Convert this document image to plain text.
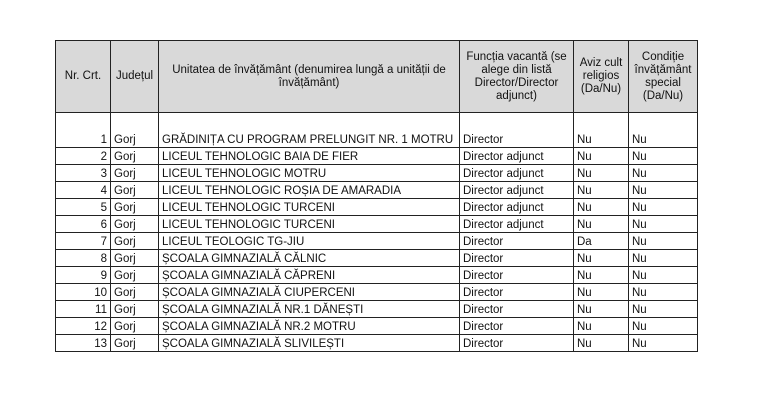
Nr. Crt.	Județul	Unitatea de învățământ (denumirea lungă a unității de învățământ)	Funcția vacantă (se alege din listă Director/Director adjunct)	Aviz cult religios (Da/Nu)	Condiție învățământ special (Da/Nu)
1	Gorj	GRĂDINIȚA CU PROGRAM PRELUNGIT NR. 1 MOTRU	Director	Nu	Nu
2	Gorj	LICEUL TEHNOLOGIC BAIA DE FIER	Director adjunct	Nu	Nu
3	Gorj	LICEUL TEHNOLOGIC MOTRU	Director adjunct	Nu	Nu
4	Gorj	LICEUL TEHNOLOGIC ROȘIA DE AMARADIA	Director adjunct	Nu	Nu
5	Gorj	LICEUL TEHNOLOGIC TURCENI	Director adjunct	Nu	Nu
6	Gorj	LICEUL TEHNOLOGIC TURCENI	Director adjunct	Nu	Nu
7	Gorj	LICEUL TEOLOGIC TG-JIU	Director	Da	Nu
8	Gorj	ȘCOALA GIMNAZIALĂ CĂLNIC	Director	Nu	Nu
9	Gorj	ȘCOALA GIMNAZIALĂ CĂPRENI	Director	Nu	Nu
10	Gorj	ȘCOALA GIMNAZIALĂ CIUPERCENI	Director	Nu	Nu
11	Gorj	ȘCOALA GIMNAZIALĂ NR.1 DĂNEȘTI	Director	Nu	Nu
12	Gorj	ȘCOALA GIMNAZIALĂ NR.2 MOTRU	Director	Nu	Nu
13	Gorj	ȘCOALA GIMNAZIALĂ SLIVILEȘTI	Director	Nu	Nu
